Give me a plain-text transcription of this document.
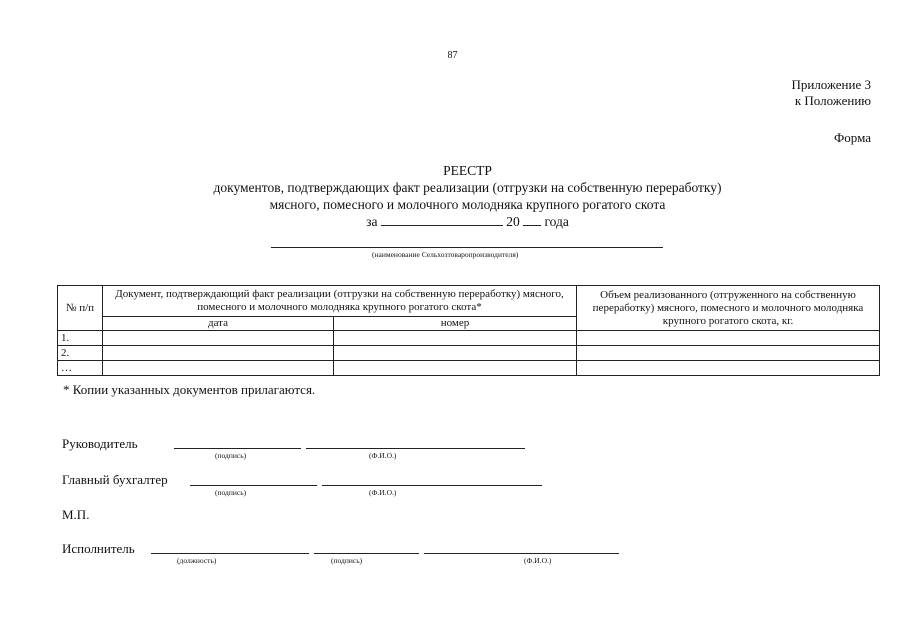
87
Приложение 3
к Положению
Форма
РЕЕСТР
документов, подтверждающих факт реализации (отгрузки на собственную переработку)
мясного, помесного и молочного молодняка крупного рогатого скота
за	20 года
(наименование Сельхозтоваропроизводителя)
№ п/п	Документ, подтверждающий факт реализации (отгрузки на собственную переработку) мясного, помесного и молочного молодняка крупного рогатого скота*		Объем реализованного (отгруженного на собственную переработку) мясного, помесного и молочного молодняка крупного рогатого скота, кг.
	дата	номер	
1.			
2.			
…			
* Копии указанных документов прилагаются.
Руководитель
(подпись)	(Ф.И.О.)
Главный бухгалтер
(подпись)	(Ф.И.О.)
М.П.
Исполнитель
(должность)	(подпись)	(Ф.И.О.)
